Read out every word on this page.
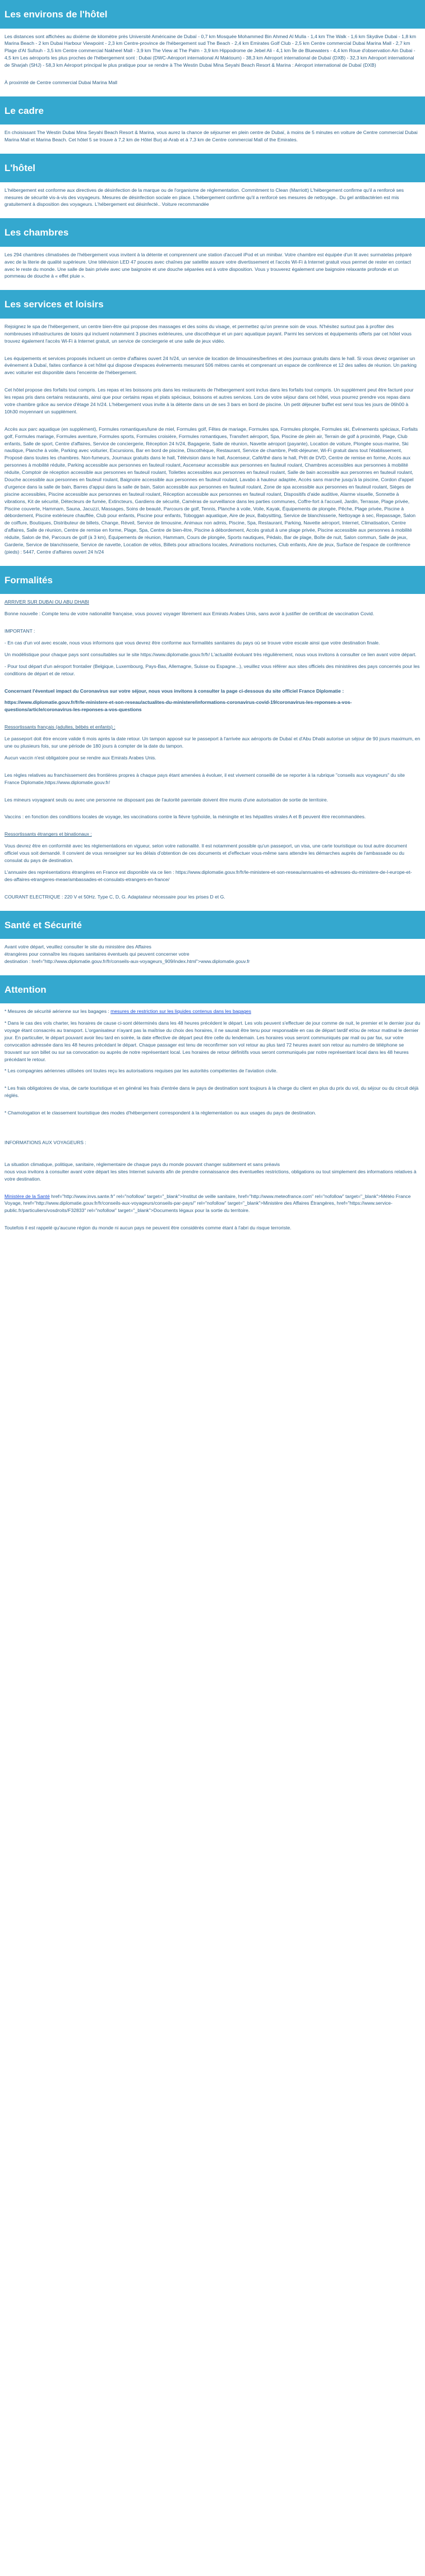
Les environs de l'hôtel

Les distances sont affichées au dixième de kilomètre près Université Américaine de Dubaï - 0,7 km Mosquée Mohammed Bin Ahmed Al Mulla - 1,4 km The Walk - 1,6 km Skydive Dubai - 1,8 km Marina Beach - 2 km Dubai Harbour Viewpoint - 2,3 km Centre-province de l'hébergement sud The Beach - 2,4 km Emirates Golf Club - 2,5 km Centre commercial Dubai Marina Mall - 2,7 km Plage d'Al Sufouh - 3,5 km Centre commercial Nakheel Mall - 3,9 km The View at The Palm - 3,9 km Hippodrome de Jebel Ali - 4,1 km Île de Bluewaters - 4,4 km Roue d'observation Ain Dubai - 4,5 km Les aéroports les plus proches de l'hébergement sont : Dubai (DWC-Aéroport international Al Maktoum) - 38,3 km Aéroport international de Dubaï (DXB) - 32,3 km Aéroport international de Sharjah (SHJ) - 58,3 km Aéroport principal le plus pratique pour se rendre à The Westin Dubai Mina Seyahi Beach Resort & Marina : Aéroport international de Dubaï (DXB)

À proximité de Centre commercial Dubai Marina Mall

Le cadre

En choisissant The Westin Dubai Mina Seyahi Beach Resort & Marina, vous aurez la chance de séjourner en plein centre de Dubaï, à moins de 5 minutes en voiture de Centre commercial Dubai Marina Mall et Marina Beach. Cet hôtel 5 se trouve à 7,2 km de Hôtel Burj al-Arab et à 7,3 km de Centre commercial Mall of the Emirates.

L'hôtel

L'hébergement est conforme aux directives de désinfection de la marque ou de l'organisme de réglementation. Commitment to Clean (Marriott) L'hébergement confirme qu'il a renforcé ses mesures de sécurité vis-à-vis des voyageurs. Mesures de désinfection sociale en place. L'hébergement confirme qu'il a renforcé ses mesures de nettoyage.. Du gel antibactérien est mis gratuitement à disposition des voyageurs. L'hébergement est désinfecté.. Voiture recommandée

Les chambres

Les 294 chambres climatisées de l'hébergement vous invitent à la détente et comprennent une station d'accueil iPod et un minibar. Votre chambre est équipée d'un lit avec surmatelas préparé avec de la literie de qualité supérieure. Une télévision LED 47 pouces avec chaînes par satellite assure votre divertissement et l'accès Wi-Fi à Internet gratuit vous permet de rester en contact avec le reste du monde. Une salle de bain privée avec une baignoire et une douche séparées est à votre disposition. Vous y trouverez également une baignoire relaxante profonde et un pommeau de douche à « effet pluie ».

Les services et loisirs

Rejoignez le spa de l'hébergement, un centre bien-être qui propose des massages et des soins du visage, et permettez qu'on prenne soin de vous. N'hésitez surtout pas à profiter des nombreuses infrastructures de loisirs qui incluent notamment 3 piscines extérieures, une discothèque et un parc aquatique payant. Parmi les services et équipements offerts par cet hôtel vous trouvez également l'accès Wi-Fi à Internet gratuit, un service de conciergerie et une salle de jeux vidéo.

Les équipements et services proposés incluent un centre d'affaires ouvert 24 h/24, un service de location de limousines/berlines et des journaux gratuits dans le hall. Si vous devez organiser un événement à Dubaï, faites confiance à cet hôtel qui dispose d'espaces événements mesurant 506 mètres carrés et comprenant un espace de conférence et 12 des salles de réunion. Un parking avec voiturier est disponible dans l'enceinte de l'hébergement.

Cet hôtel propose des forfaits tout compris. Les repas et les boissons pris dans les restaurants de l'hébergement sont inclus dans les forfaits tout compris. Un supplément peut être facturé pour les repas pris dans certains restaurants, ainsi que pour certains repas et plats spéciaux, boissons et autres services. Lors de votre séjour dans cet hôtel, vous pourrez prendre vos repas dans votre chambre grâce au service d'étage 24 h/24. L'hébergement vous invite à la détente dans un de ses 3 bars en bord de piscine. Un petit déjeuner buffet est servi tous les jours de 06h00 à 10h30 moyennant un supplément.

Accès aux parc aquatique (en supplément), Formules romantiques/lune de miel, Formules golf, Fêtes de mariage, Formules spa, Formules plongée, Formules ski, Événements spéciaux, Forfaits golf, Formules mariage, Formules aventure, Formules sports, Formules croisière, Formules romantiques, Transfert aéroport, Spa, Piscine de plein air, Terrain de golf à proximité, Plage, Club enfants, Salle de sport, Centre d'affaires, Service de conciergerie, Réception 24 h/24, Bagagerie, Salle de réunion, Navette aéroport (payante), Location de voiture, Plongée sous-marine, Ski nautique, Planche à voile, Parking avec voiturier, Excursions, Bar en bord de piscine, Discothèque, Restaurant, Service de chambre, Petit-déjeuner, Wi-Fi gratuit dans tout l'établissement, Proposé dans toutes les chambres. Non-fumeurs, Journaux gratuits dans le hall, Télévision dans le hall, Ascenseur, Café/thé dans le hall, Prêt de DVD, Centre de remise en forme, Accès aux personnes à mobilité réduite, Parking accessible aux personnes en fauteuil roulant, Ascenseur accessible aux personnes en fauteuil roulant, Chambres accessibles aux personnes à mobilité réduite, Comptoir de réception accessible aux personnes en fauteuil roulant, Toilettes accessibles aux personnes en fauteuil roulant, Salle de bain accessible aux personnes en fauteuil roulant, Douche accessible aux personnes en fauteuil roulant, Baignoire accessible aux personnes en fauteuil roulant, Lavabo à hauteur adaptée, Accès sans marche jusqu'à la piscine, Cordon d'appel d'urgence dans la salle de bain, Barres d'appui dans la salle de bain, Salon accessible aux personnes en fauteuil roulant, Zone de spa accessible aux personnes en fauteuil roulant, Sièges de piscine accessibles, Piscine accessible aux personnes en fauteuil roulant, Réception accessible aux personnes en fauteuil roulant, Dispositifs d'aide auditive, Alarme visuelle, Sonnette à vibrations, Kit de sécurité, Détecteurs de fumée, Extincteurs, Gardiens de sécurité, Caméras de surveillance dans les parties communes, Coffre-fort à l'accueil, Jardin, Terrasse, Plage privée, Piscine couverte, Hammam, Sauna, Jacuzzi, Massages, Soins de beauté, Parcours de golf, Tennis, Planche à voile, Voile, Kayak, Équipements de plongée, Pêche, Plage privée, Piscine à débordement, Piscine extérieure chauffée, Club pour enfants, Piscine pour enfants, Toboggan aquatique, Aire de jeux, Babysitting, Service de blanchisserie, Nettoyage à sec, Repassage, Salon de coiffure, Boutiques, Distributeur de billets, Change, Réveil, Service de limousine, Animaux non admis, Piscine, Spa, Restaurant, Parking, Navette aéroport, Internet, Climatisation, Centre d'affaires, Salle de réunion, Centre de remise en forme, Plage, Spa, Centre de bien-être, Piscine à débordement, Accès gratuit à une plage privée, Piscine accessible aux personnes à mobilité réduite, Salon de thé, Parcours de golf (à 3 km), Équipements de réunion, Hammam, Cours de plongée, Sports nautiques, Pédalo, Bar de plage, Boîte de nuit, Salon commun, Salle de jeux, Garderie, Service de blanchisserie, Service de navette, Location de vélos, Billets pour attractions locales, Animations nocturnes, Club enfants, Aire de jeux, Surface de l'espace de conférence (pieds) : 5447, Centre d'affaires ouvert 24 h/24

Formalités

ARRIVER SUR DUBAI OU ABU DHABI

Bonne nouvelle : Compte tenu de votre nationalité française, vous pouvez voyager librement aux Emirats Arabes Unis, sans avoir à justifier de certificat de vaccination Covid.

IMPORTANT :

- En cas d'un vol avec escale, nous vous informons que vous devrez être conforme aux formalités sanitaires du pays où se trouve votre escale ainsi que votre destination finale.

Un modèlistique pour chaque pays sont consultables sur le site https://www.diplomatie.gouv.fr/fr/ L'actualité évoluant très régulièrement, nous vous invitons à consulter ce lien avant votre départ.

- Pour tout départ d'un aéroport frontalier (Belgique, Luxembourg, Pays-Bas, Allemagne, Suisse ou Espagne...), veuillez vous référer aux sites officiels des ministères des pays concernés pour les conditions de départ et de retour.

Concernant l'éventuel impact du Coronavirus sur votre séjour, nous vous invitons à consulter la page ci-dessous du site officiel France Diplomatie :

https://www.diplomatie.gouv.fr/fr/le-ministere-et-son-reseau/actualites-du-ministere/informations-coronavirus-covid-19/coronavirus-les-reponses-a-vos-questions/article/coronavirus-les-reponses-a-vos-questions

Ressortissants français (adultes, bébés et enfants) :

Le passeport doit être encore valide 6 mois après la date retour. Un tampon apposé sur le passeport à l'arrivée aux aéroports de Dubaï et d'Abu Dhabi autorise un séjour de 90 jours maximum, en une ou plusieurs fois, sur une période de 180 jours à compter de la date du tampon.

Aucun vaccin n'est obligatoire pour se rendre aux Emirats Arabes Unis.

Les règles relatives au franchissement des frontières propres à chaque pays étant amenées à évoluer, il est vivement conseillé de se reporter à la rubrique "conseils aux voyageurs" du site France Diplomatie,https://www.diplomatie.gouv.fr/

Les mineurs voyageant seuls ou avec une personne ne disposant pas de l'autorité parentale doivent être munis d'une autorisation de sortie de territoire.

Vaccins : en fonction des conditions locales de voyage, les vaccinations contre la fièvre typhoïde, la méningite et les hépatites virales A et B peuvent être recommandées.

Ressortissants étrangers et binationaux :

Vous devrez être en conformité avec les réglementations en vigueur, selon votre nationalité. Il est notamment possible qu'un passeport, un visa, une carte touristique ou tout autre document officiel vous soit demandé. Il convient de vous renseigner sur les délais d'obtention de ces documents et d'effectuer vous-même sans attendre les démarches auprès de l'ambassade ou du consulat du pays de destination.

L'annuaire des représentations étrangères en France est disponible via ce lien : https://www.diplomatie.gouv.fr/fr/le-ministere-et-son-reseau/annuaires-et-adresses-du-ministere-de-l-europe-et-des-affaires-etrangeres-meae/ambassades-et-consulats-etrangers-en-france/

COURANT ELECTRIQUE : 220 V et 50Hz. Type C, D, G. Adaptateur nécessaire pour les prises D et G.

Santé et Sécurité

Avant votre départ, veuillez consulter le site du ministère des Affaires

étrangères pour connaître les risques sanitaires éventuels qui peuvent concerner votre

destination : href="http://www.diplomatie.gouv.fr/fr/conseils-aux-voyageurs_909/index.html">www.diplomatie.gouv.fr

Attention

* Mesures de sécurité aérienne sur les bagages : mesures de restriction sur les liquides contenus dans les bagages

* Dans le cas des vols charter, les horaires de cause ci-sont déterminés dans les 48 heures précédent le départ. Les vols peuvent s'effectuer de jour comme de nuit, le premier et le dernier jour du voyage étant consacrés au transport. L'organisateur n'ayant pas la maîtrise du choix des horaires, il ne saurait être tenu pour responsable en cas de départ tardif et/ou de retour matinal le dernier jour. En particulier, le départ pouvant avoir lieu tard en soirée, la date effective de départ peut être celle du lendemain. Les horaires vous seront communiqués par mail ou par fax, sur votre convocation adressée dans les 48 heures précédant le départ. Chaque passager est tenu de reconfirmer son vol retour au plus tard 72 heures avant son retour au numéro de téléphone se trouvant sur son billet ou sur sa convocation ou auprès de notre représentant local. Les horaires de retour définitifs vous seront communiqués par notre représentant local dans les 48 heures précédant le retour.

* Les compagnies aériennes utilisées ont toutes reçu les autorisations requises par les autorités compétentes de l'aviation civile.

* Les frais obligatoires de visa, de carte touristique et en général les frais d'entrée dans le pays de destination sont toujours à la charge du client en plus du prix du vol, du séjour ou du circuit déjà réglés.

* Chamologation et le classement touristique des modes d'hébergement correspondent à la réglementation ou aux usages du pays de destination.

INFORMATIONS AUX VOYAGEURS :

La situation climatique, politique, sanitaire, réglementaire de chaque pays du monde pouvant changer subitement et sans préavis

nous vous invitons à consulter avant votre départ les sites Internet suivants afin de prendre connaissance des éventuelles restrictions, obligations ou tout simplement des informations relatives à votre destination.

Ministère de la Santé href="http://www.invs.sante.fr" rel="nofollow" target="_blank">Institut de veille sanitaire, href="http://www.meteofrance.com" rel="nofollow" target="_blank">Météo France Voyage, href="http://www.diplomatie.gouv.fr/fr/conseils-aux-voyageurs/conseils-par-pays/" rel="nofollow" target="_blank">Ministère des Affaires Étrangères, href="https://www.service-public.fr/particuliers/vosdroits/F32833" rel="nofollow" target="_blank">Documents légaux pour la sortie du territoire.

Toutefois il est rappelé qu'aucune région du monde ni aucun pays ne peuvent être considérés comme étant à l'abri du risque terroriste.
